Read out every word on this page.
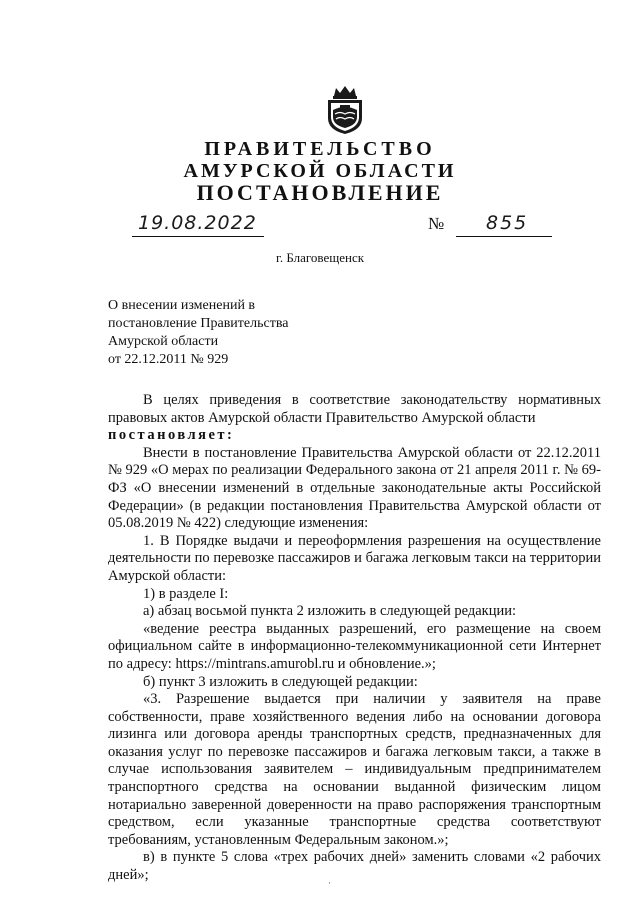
ПРАВИТЕЛЬСТВО
АМУРСКОЙ ОБЛАСТИ
ПОСТАНОВЛЕНИЕ
19.08.2022	№ 855
г. Благовещенск
О внесении изменений в
постановление Правительства
Амурской области
от 22.12.2011 № 929

В целях приведения в соответствие законодательству нормативных правовых актов Амурской области Правительство Амурской области

постановляет:

Внести в постановление Правительства Амурской области от 22.12.2011 № 929 «О мерах по реализации Федерального закона от 21 апреля 2011 г. № 69-ФЗ «О внесении изменений в отдельные законодательные акты Российской Федерации» (в редакции постановления Правительства Амурской области от 05.08.2019 № 422) следующие изменения:

1. В Порядке выдачи и переоформления разрешения на осуществление деятельности по перевозке пассажиров и багажа легковым такси на территории Амурской области:

1) в разделе I:

а) абзац восьмой пункта 2 изложить в следующей редакции:

«ведение реестра выданных разрешений, его размещение на своем официальном сайте в информационно-телекоммуникационной сети Интернет по адресу: https://mintrans.amurobl.ru и обновление.»;

б) пункт 3 изложить в следующей редакции:

«3. Разрешение выдается при наличии у заявителя на праве собственности, праве хозяйственного ведения либо на основании договора лизинга или договора аренды транспортных средств, предназначенных для оказания услуг по перевозке пассажиров и багажа легковым такси, а также в случае использования заявителем – индивидуальным предпринимателем транспортного средства на основании выданной физическим лицом нотариально заверенной доверенности на право распоряжения транспортным средством, если указанные транспортные средства соответствуют требованиям, установленным Федеральным законом.»;

в) в пункте 5 слова «трех рабочих дней» заменить словами «2 рабочих дней»;	·
